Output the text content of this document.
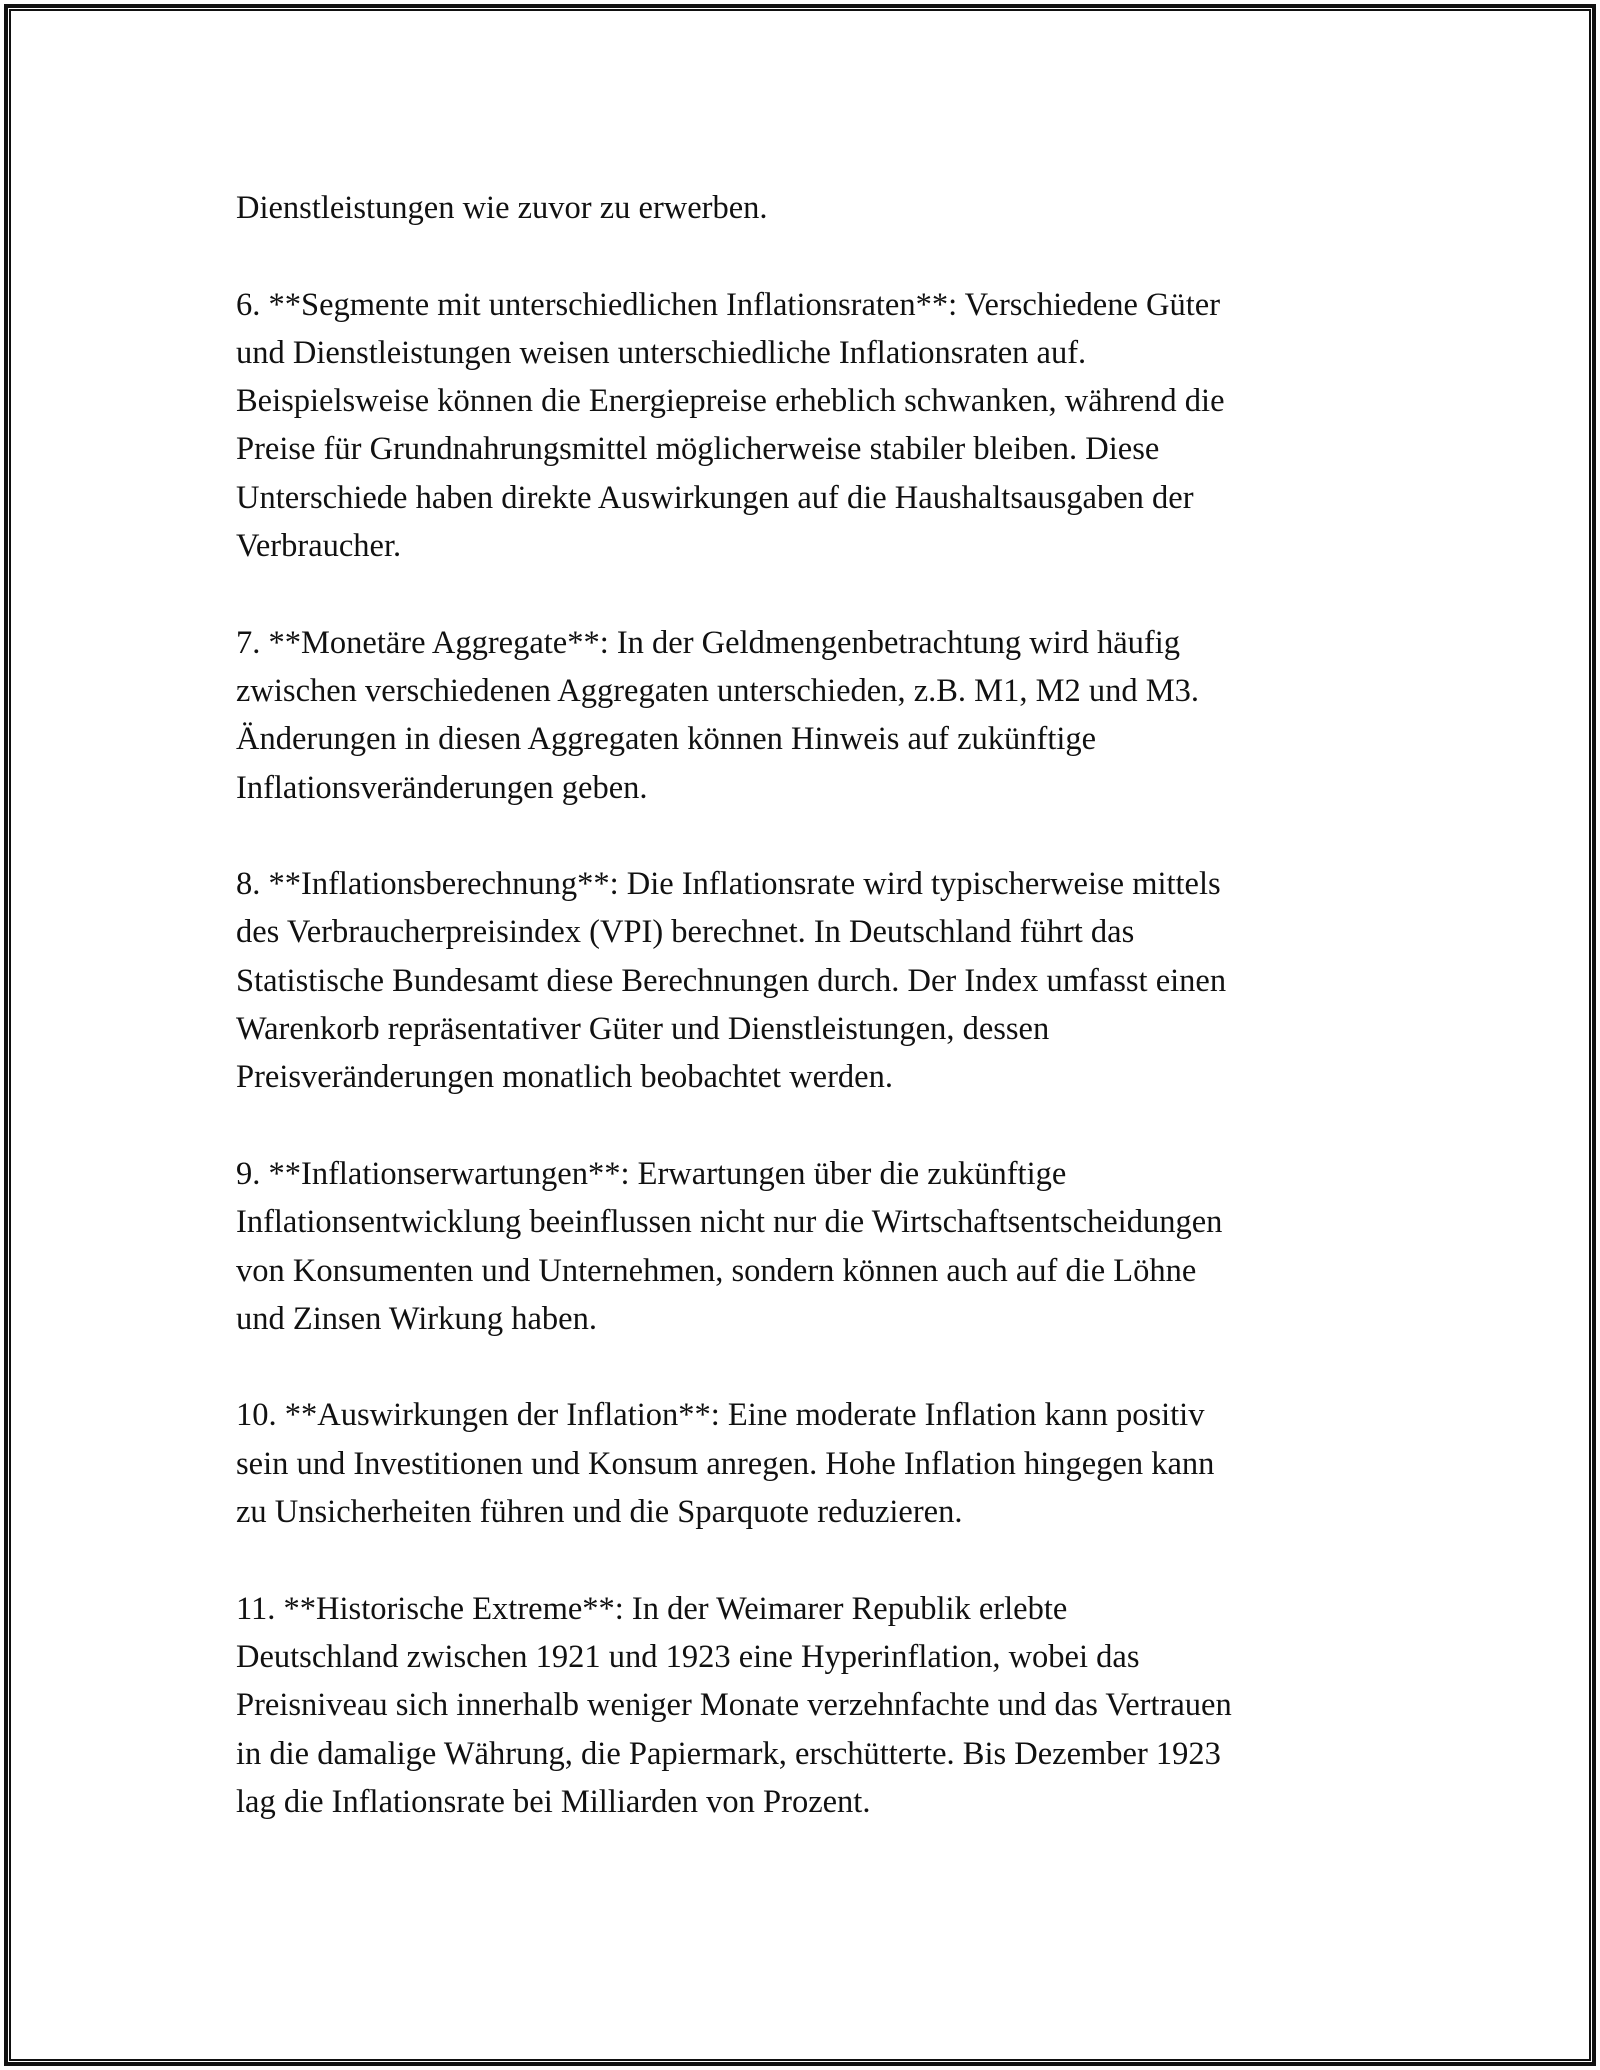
Dienstleistungen wie zuvor zu erwerben.

6. **Segmente mit unterschiedlichen Inflationsraten**: Verschiedene Güter
und Dienstleistungen weisen unterschiedliche Inflationsraten auf.
Beispielsweise können die Energiepreise erheblich schwanken, während die
Preise für Grundnahrungsmittel möglicherweise stabiler bleiben. Diese
Unterschiede haben direkte Auswirkungen auf die Haushaltsausgaben der
Verbraucher.

7. **Monetäre Aggregate**: In der Geldmengenbetrachtung wird häufig
zwischen verschiedenen Aggregaten unterschieden, z.B. M1, M2 und M3.
Änderungen in diesen Aggregaten können Hinweis auf zukünftige
Inflationsveränderungen geben.

8. **Inflationsberechnung**: Die Inflationsrate wird typischerweise mittels
des Verbraucherpreisindex (VPI) berechnet. In Deutschland führt das
Statistische Bundesamt diese Berechnungen durch. Der Index umfasst einen
Warenkorb repräsentativer Güter und Dienstleistungen, dessen
Preisveränderungen monatlich beobachtet werden.

9. **Inflationserwartungen**: Erwartungen über die zukünftige
Inflationsentwicklung beeinflussen nicht nur die Wirtschaftsentscheidungen
von Konsumenten und Unternehmen, sondern können auch auf die Löhne
und Zinsen Wirkung haben.

10. **Auswirkungen der Inflation**: Eine moderate Inflation kann positiv
sein und Investitionen und Konsum anregen. Hohe Inflation hingegen kann
zu Unsicherheiten führen und die Sparquote reduzieren.

11. **Historische Extreme**: In der Weimarer Republik erlebte
Deutschland zwischen 1921 und 1923 eine Hyperinflation, wobei das
Preisniveau sich innerhalb weniger Monate verzehnfachte und das Vertrauen
in die damalige Währung, die Papiermark, erschütterte. Bis Dezember 1923
lag die Inflationsrate bei Milliarden von Prozent.
